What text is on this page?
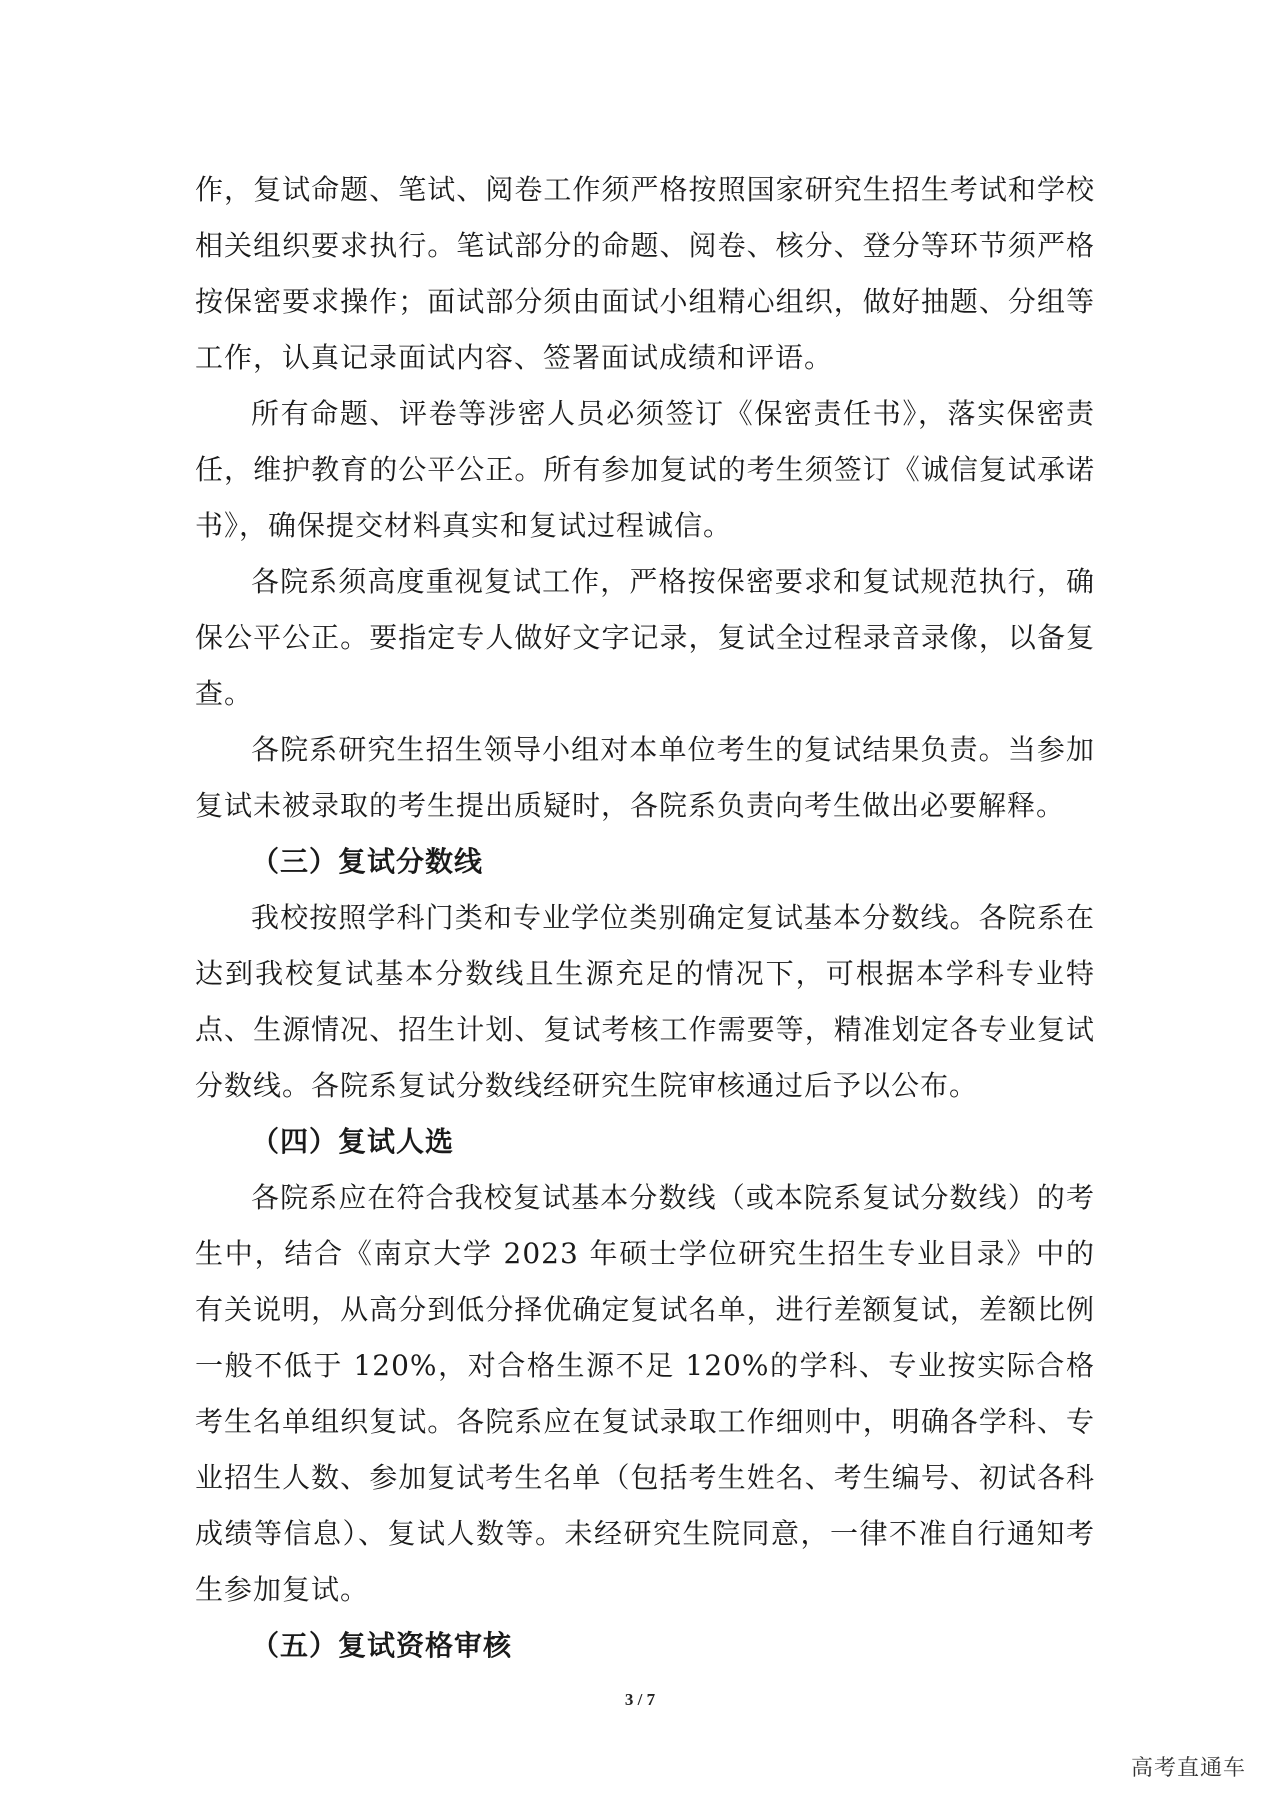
作，复试命题、笔试、阅卷工作须严格按照国家研究生招生考试和学校相关组织要求执行。笔试部分的命题、阅卷、核分、登分等环节须严格按保密要求操作；面试部分须由面试小组精心组织，做好抽题、分组等工作，认真记录面试内容、签署面试成绩和评语。

所有命题、评卷等涉密人员必须签订《保密责任书》，落实保密责任，维护教育的公平公正。所有参加复试的考生须签订《诚信复试承诺书》，确保提交材料真实和复试过程诚信。

各院系须高度重视复试工作，严格按保密要求和复试规范执行，确保公平公正。要指定专人做好文字记录，复试全过程录音录像，以备复查。

各院系研究生招生领导小组对本单位考生的复试结果负责。当参加复试未被录取的考生提出质疑时，各院系负责向考生做出必要解释。

（三）复试分数线

我校按照学科门类和专业学位类别确定复试基本分数线。各院系在达到我校复试基本分数线且生源充足的情况下，可根据本学科专业特点、生源情况、招生计划、复试考核工作需要等，精准划定各专业复试分数线。各院系复试分数线经研究生院审核通过后予以公布。

（四）复试人选

各院系应在符合我校复试基本分数线（或本院系复试分数线）的考生中，结合《南京大学 2023 年硕士学位研究生招生专业目录》中的有关说明，从高分到低分择优确定复试名单，进行差额复试，差额比例一般不低于 120%，对合格生源不足 120%的学科、专业按实际合格考生名单组织复试。各院系应在复试录取工作细则中，明确各学科、专业招生人数、参加复试考生名单（包括考生姓名、考生编号、初试各科成绩等信息）、复试人数等。未经研究生院同意，一律不准自行通知考生参加复试。

（五）复试资格审核

3 / 7
高考直通车
